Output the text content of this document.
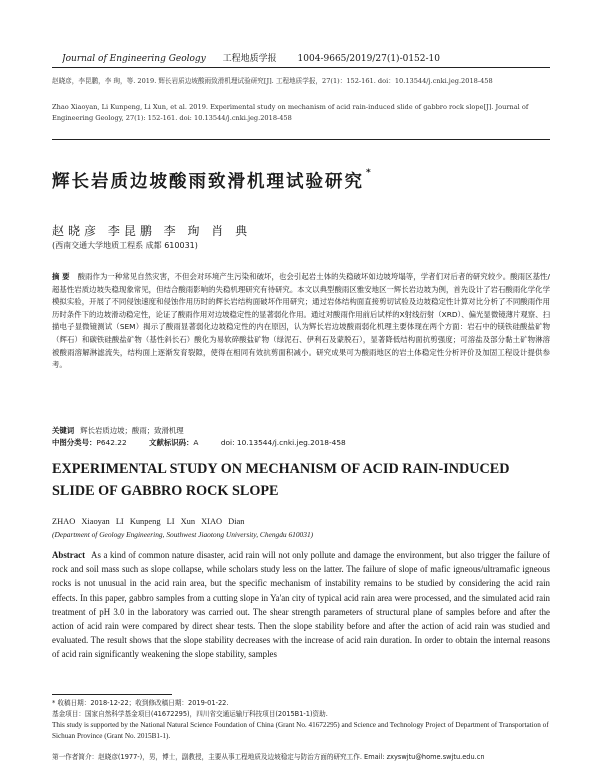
Journal of Engineering Geology 工程地质学报 1004-9665/2019/27(1)-0152-10
赵晓彦，李昆鹏，李 珣，等. 2019. 辉长岩质边坡酸雨致滑机理试验研究[J]. 工程地质学报，27(1)：152-161. doi：10.13544/j.cnki.jeg.2018-458
Zhao Xiaoyan, Li Kunpeng, Li Xun, et al. 2019. Experimental study on mechanism of acid rain-induced slide of gabbro rock slope[J]. Journal of Engineering Geology, 27(1): 152-161. doi: 10.13544/j.cnki.jeg.2018-458
辉长岩质边坡酸雨致滑机理试验研究 *
赵晓彦 李昆鹏 李 珣 肖 典
(西南交通大学地质工程系 成都 610031)
摘 要 酸雨作为一种常见自然灾害，不但会对环境产生污染和破坏，也会引起岩土体的失稳破坏如边坡垮塌等，学者们对后者的研究较少。酸雨区基性/超基性岩质边坡失稳现象常见，但结合酸雨影响的失稳机理研究有待研究。本文以典型酸雨区雅安地区一辉长岩边坡为例，首先设计了岩石酸雨化学化学模拟实验，开展了不同侵蚀速度和侵蚀作用历时的辉长岩结构面破坏作用研究；通过岩体结构面直接剪切试验及边坡稳定性计算对比分析了不同酸雨作用历时条件下的边坡滑动稳定性，论证了酸雨作用对边坡稳定性的显著弱化作用。通过对酸雨作用前后试样的X射线衍射（XRD）、偏光显微镜薄片观察、扫描电子显微镜测试（SEM）揭示了酸雨显著弱化边坡稳定性的内在原因，认为辉长岩边坡酸雨弱化机理主要体现在两个方面：岩石中的镁铁硅酸盐矿物（辉石）和碳铁硅酸盐矿物（基性斜长石）酸化为易软碎酸盐矿物（绿泥石、伊利石及蒙脱石），显著降低结构面抗剪强度；可溶盐及部分黏土矿物淋溶被酸雨溶解淋滤流失，结构面上逐渐发育裂隙，使得在相同有效抗剪面积减小。研究成果可为酸雨地区的岩土体稳定性分析评价及加固工程设计提供参考。
关键词 辉长岩质边坡；酸雨；致滑机理
中图分类号：P642.22	文献标识码：A	doi: 10.13544/j.cnki.jeg.2018-458
EXPERIMENTAL STUDY ON MECHANISM OF ACID RAIN-INDUCED SLIDE OF GABBRO ROCK SLOPE
ZHAO Xiaoyan LI Kunpeng LI Xun XIAO Dian
(Department of Geology Engineering, Southwest Jiaotong University, Chengdu 610031)
Abstract As a kind of common nature disaster, acid rain will not only pollute and damage the environment, but also trigger the failure of rock and soil mass such as slope collapse, while scholars study less on the latter. The failure of slope of mafic igneous/ultramafic igneous rocks is not unusual in the acid rain area, but the specific mechanism of instability remains to be studied by considering the acid rain effects. In this paper, gabbro samples from a cutting slope in Ya'an city of typical acid rain area were processed, and the simulated acid rain treatment of pH 3.0 in the laboratory was carried out. The shear strength parameters of structural plane of samples before and after the action of acid rain were compared by direct shear tests. Then the slope stability before and after the action of acid rain was studied and evaluated. The result shows that the slope stability decreases with the increase of acid rain duration. In order to obtain the internal reasons of acid rain significantly weakening the slope stability, samples
* 收稿日期：2018-12-22；收到修改稿日期：2019-01-22.
基金项目：国家自然科学基金项目(41672295)，四川省交通运输厅科技项目(2015B1-1)资助.
This study is supported by the National Natural Science Foundation of China (Grant No. 41672295) and Science and Technology Project of Department of Transportation of Sichuan Province (Grant No. 2015B1-1).
第一作者简介：赵晓彦(1977-)，男，博士，副教授，主要从事工程地质及边坡稳定与防治方面的研究工作. Email: zxyswjtu@home.swjtu.edu.cn
